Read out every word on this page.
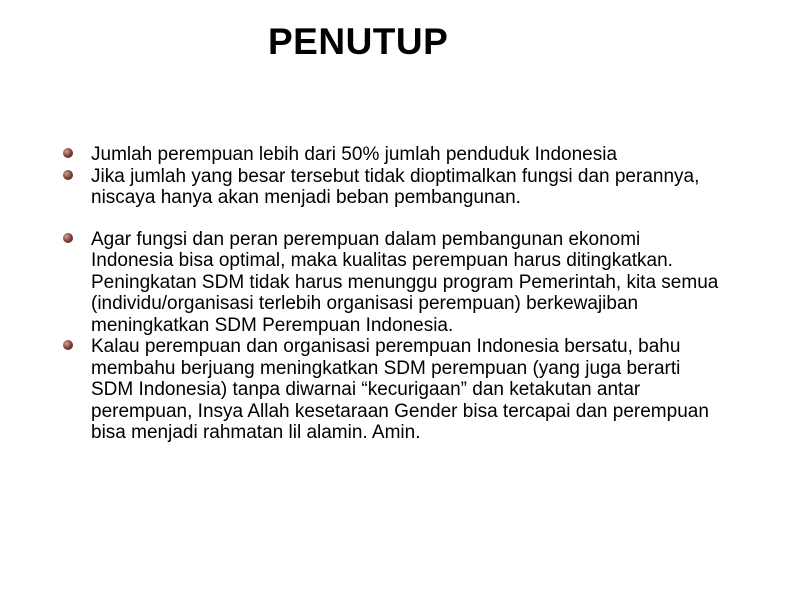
PENUTUP
Jumlah perempuan lebih dari 50% jumlah penduduk Indonesia
Jika jumlah yang besar tersebut tidak dioptimalkan fungsi dan perannya, niscaya hanya akan menjadi beban pembangunan.
Agar fungsi dan peran perempuan dalam pembangunan ekonomi Indonesia bisa optimal, maka kualitas perempuan harus ditingkatkan. Peningkatan SDM tidak harus menunggu program Pemerintah, kita semua (individu/organisasi terlebih organisasi perempuan) berkewajiban meningkatkan SDM Perempuan Indonesia.
Kalau perempuan dan organisasi perempuan Indonesia bersatu, bahu membahu berjuang meningkatkan SDM perempuan (yang juga berarti SDM Indonesia) tanpa diwarnai “kecurigaan” dan ketakutan antar perempuan, Insya Allah kesetaraan Gender bisa tercapai dan perempuan bisa menjadi rahmatan lil alamin. Amin.
